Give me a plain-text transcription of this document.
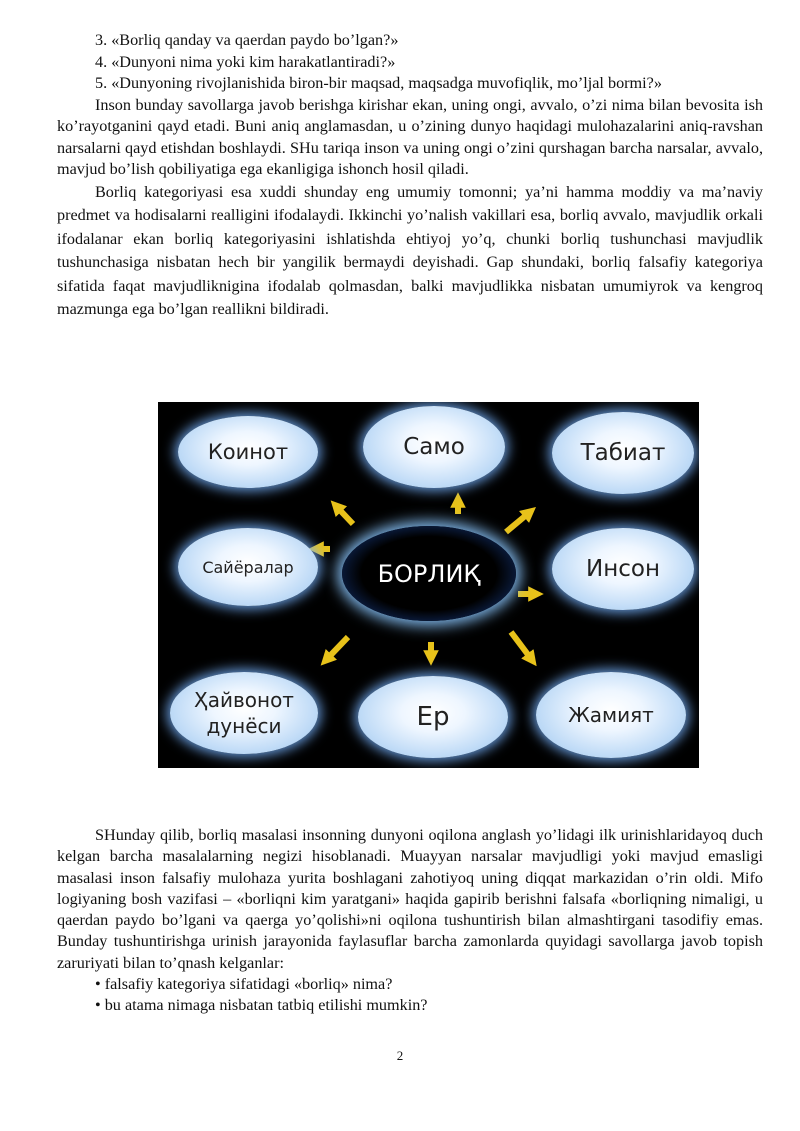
3. «Borliq qanday va qaerdan paydo bo’lgan?»

4. «Dunyoni nima yoki kim harakatlantiradi?»

5. «Dunyoning rivojlanishida biron-bir maqsad, maqsadga muvofiqlik, mo’ljal bormi?»

Inson bunday savollarga javob berishga kirishar ekan, uning ongi, avvalo, o’zi nima bilan bevosita ish ko’rayotganini qayd etadi. Buni aniq anglamasdan, u o’zining dunyo haqidagi mulohazalarini aniq-ravshan narsalarni qayd etishdan boshlaydi. SHu tariqa inson va uning ongi o’zini qurshagan barcha narsalar, avvalo, mavjud bo’lish qobiliyatiga ega ekanligiga ishonch hosil qiladi.

Borliq kategoriyasi esa xuddi shunday eng umumiy tomonni; ya’ni hamma moddiy va ma’naviy predmet va hodisalarni realligini ifodalaydi. Ikkinchi yo’nalish vakillari esa, borliq avvalo, mavjudlik orkali ifodalanar ekan borliq kategoriyasini ishlatishda ehtiyoj yo’q, chunki borliq tushunchasi mavjudlik tushunchasiga nisbatan hech bir yangilik bermaydi deyishadi. Gap shundaki, borliq falsafiy kategoriya sifatida faqat mavjudliknigina ifodalab qolmasdan, balki mavjudlikka nisbatan umumiyrok va kengroq mazmunga ega bo’lgan reallikni bildiradi.

Коинот	Само	Табиат
Сайёралар	БОРЛИҚ	Инсон
Ҳайвонот
дунёси	Ер	Жамият

SHunday qilib, borliq masalasi insonning dunyoni oqilona anglash yo’lidagi ilk urinishlaridayoq duch kelgan barcha masalalarning negizi hisoblanadi. Muayyan narsalar mavjudligi yoki mavjud emasligi masalasi inson falsafiy mulohaza yurita boshlagani zahotiyoq uning diqqat markazidan o’rin oldi. Mifo logiyaning bosh vazifasi – «borliqni kim yaratgani» haqida gapirib berishni falsafa «borliqning nimaligi, u qaerdan paydo bo’lgani va qaerga yo’qolishi»ni oqilona tushuntirish bilan almashtirgani tasodifiy emas. Bunday tushuntirishga urinish jarayonida faylasuflar barcha zamonlarda quyidagi savollarga javob topish zaruriyati bilan to’qnash kelganlar:

• falsafiy kategoriya sifatidagi «borliq» nima?

• bu atama nimaga nisbatan tatbiq etilishi mumkin?

2
